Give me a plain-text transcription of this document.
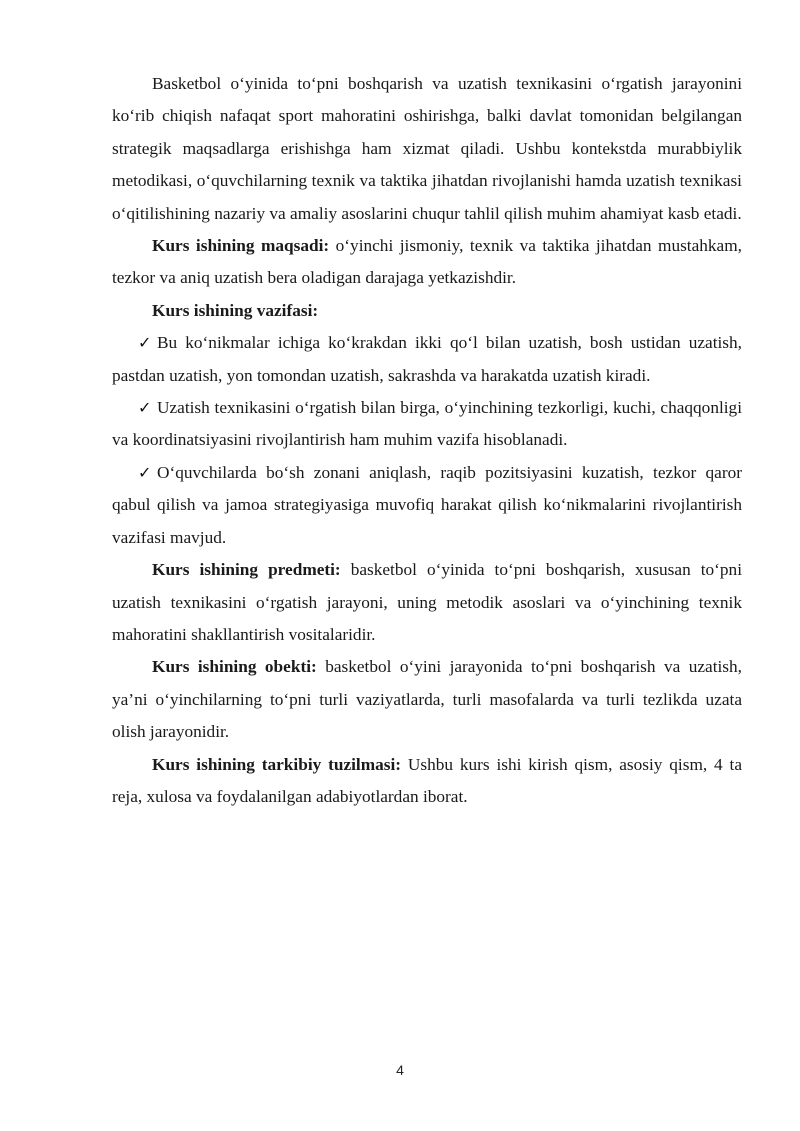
Basketbol o‘yinida to‘pni boshqarish va uzatish texnikasini o‘rgatish jarayonini ko‘rib chiqish nafaqat sport mahoratini oshirishga, balki davlat tomonidan belgilangan strategik maqsadlarga erishishga ham xizmat qiladi. Ushbu kontekstda murabbiylik metodikasi, o‘quvchilarning texnik va taktika jihatdan rivojlanishi hamda uzatish texnikasi o‘qitilishining nazariy va amaliy asoslarini chuqur tahlil qilish muhim ahamiyat kasb etadi.

Kurs ishining maqsadi: o‘yinchi jismoniy, texnik va taktika jihatdan mustahkam, tezkor va aniq uzatish bera oladigan darajaga yetkazishdir.

Kurs ishining vazifasi:

✓ Bu ko‘nikmalar ichiga ko‘krakdan ikki qo‘l bilan uzatish, bosh ustidan uzatish, pastdan uzatish, yon tomondan uzatish, sakrashda va harakatda uzatish kiradi.

✓ Uzatish texnikasini o‘rgatish bilan birga, o‘yinchining tezkorligi, kuchi, chaqqonligi va koordinatsiyasini rivojlantirish ham muhim vazifa hisoblanadi.

✓ O‘quvchilarda bo‘sh zonani aniqlash, raqib pozitsiyasini kuzatish, tezkor qaror qabul qilish va jamoa strategiyasiga muvofiq harakat qilish ko‘nikmalarini rivojlantirish vazifasi mavjud.

Kurs ishining predmeti: basketbol o‘yinida to‘pni boshqarish, xususan to‘pni uzatish texnikasini o‘rgatish jarayoni, uning metodik asoslari va o‘yinchining texnik mahoratini shakllantirish vositalaridir.

Kurs ishining obekti: basketbol o‘yini jarayonida to‘pni boshqarish va uzatish, ya’ni o‘yinchilarning to‘pni turli vaziyatlarda, turli masofalarda va turli tezlikda uzata olish jarayonidir.

Kurs ishining tarkibiy tuzilmasi: Ushbu kurs ishi kirish qism, asosiy qism, 4 ta reja, xulosa va foydalanilgan adabiyotlardan iborat.

4
